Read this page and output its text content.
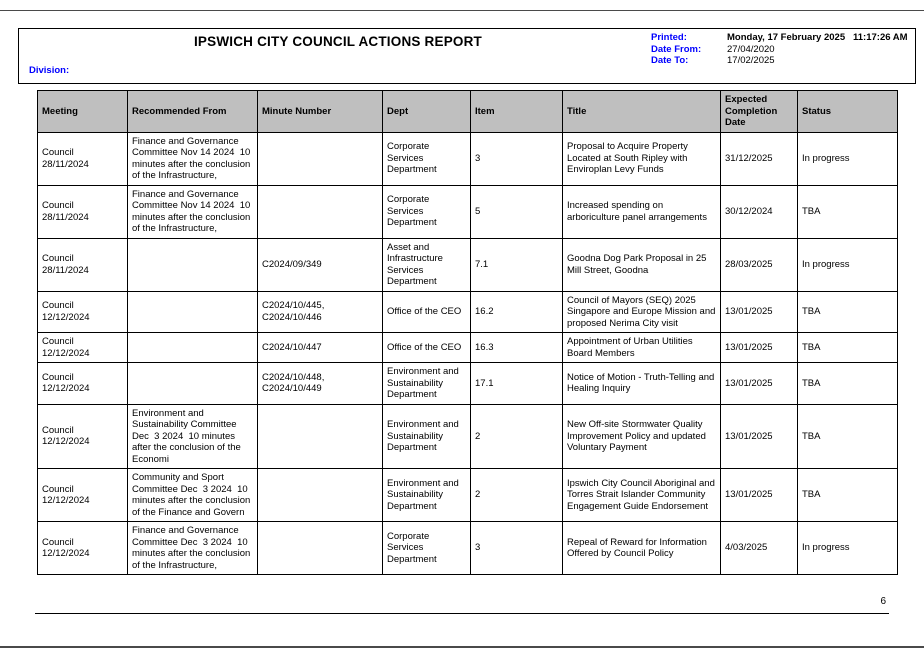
IPSWICH CITY COUNCIL ACTIONS REPORT
Division:
Printed:	Monday, 17 February 2025   11:17:26 AM
Date From:	27/04/2020
Date To:	17/02/2025
Meeting	Recommended From	Minute Number	Dept	Item	Title	Expected Completion Date	Status
Council 28/11/2024	Finance and Governance Committee Nov 14 2024  10 minutes after the conclusion of the Infrastructure,		Corporate Services Department	3	Proposal to Acquire Property Located at South Ripley with Enviroplan Levy Funds	31/12/2025	In progress
Council 28/11/2024	Finance and Governance Committee Nov 14 2024  10 minutes after the conclusion of the Infrastructure,		Corporate Services Department	5	Increased spending on arboriculture panel arrangements	30/12/2024	TBA
Council 28/11/2024		C2024/09/349	Asset and Infrastructure Services Department	7.1	Goodna Dog Park Proposal in 25 Mill Street, Goodna	28/03/2025	In progress
Council 12/12/2024		C2024/10/445, C2024/10/446	Office of the CEO	16.2	Council of Mayors (SEQ) 2025 Singapore and Europe Mission and proposed Nerima City visit	13/01/2025	TBA
Council 12/12/2024		C2024/10/447	Office of the CEO	16.3	Appointment of Urban Utilities Board Members	13/01/2025	TBA
Council 12/12/2024		C2024/10/448, C2024/10/449	Environment and Sustainability Department	17.1	Notice of Motion - Truth-Telling and Healing Inquiry	13/01/2025	TBA
Council 12/12/2024	Environment and Sustainability Committee Dec  3 2024  10 minutes after the conclusion of the Economi		Environment and Sustainability Department	2	New Off-site Stormwater Quality Improvement Policy and updated Voluntary Payment	13/01/2025	TBA
Council 12/12/2024	Community and Sport Committee Dec  3 2024  10 minutes after the conclusion of the Finance and Govern		Environment and Sustainability Department	2	Ipswich City Council Aboriginal and Torres Strait Islander Community Engagement Guide Endorsement	13/01/2025	TBA
Council 12/12/2024	Finance and Governance Committee Dec  3 2024  10 minutes after the conclusion of the Infrastructure,		Corporate Services Department	3	Repeal of Reward for Information Offered by Council Policy	4/03/2025	In progress
6
